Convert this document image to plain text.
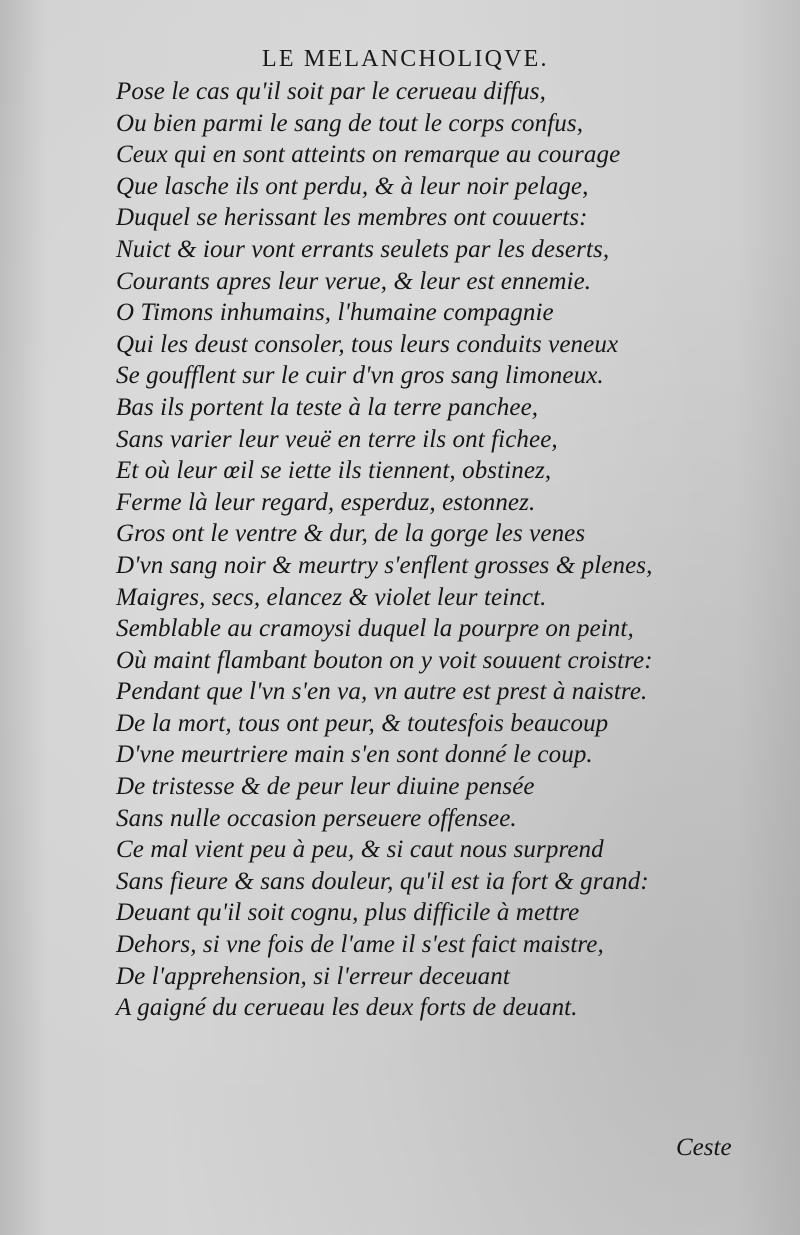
LE MELANCHOLIQVE.
Pose le cas qu'il soit par le cerueau diffus,
Ou bien parmi le sang de tout le corps confus,
Ceux qui en sont atteints on remarque au courage
Que lasche ils ont perdu, & à leur noir pelage,
Duquel se herissant les membres ont couuerts:
Nuict & iour vont errants seulets par les deserts,
Courants apres leur verue, & leur est ennemie.
O Timons inhumains, l'humaine compagnie
Qui les deust consoler, tous leurs conduits veneux
Se goufflent sur le cuir d'vn gros sang limoneux.
Bas ils portent la teste à la terre panchee,
Sans varier leur veuë en terre ils ont fichee,
Et où leur œil se iette ils tiennent, obstinez,
Ferme là leur regard, esperduz, estonnez.
Gros ont le ventre & dur, de la gorge les venes
D'vn sang noir & meurtry s'enflent grosses & plenes,
Maigres, secs, elancez & violet leur teinct.
Semblable au cramoysi duquel la pourpre on peint,
Où maint flambant bouton on y voit souuent croistre:
Pendant que l'vn s'en va, vn autre est prest à naistre.
De la mort, tous ont peur, & toutesfois beaucoup
D'vne meurtriere main s'en sont donné le coup.
De tristesse & de peur leur diuine pensée
Sans nulle occasion perseuere offensee.
Ce mal vient peu à peu, & si caut nous surprend
Sans fieure & sans douleur, qu'il est ia fort & grand:
Deuant qu'il soit cognu, plus difficile à mettre
Dehors, si vne fois de l'ame il s'est faict maistre,
De l'apprehension, si l'erreur deceuant
A gaigné du cerueau les deux forts de deuant.
Ceste
